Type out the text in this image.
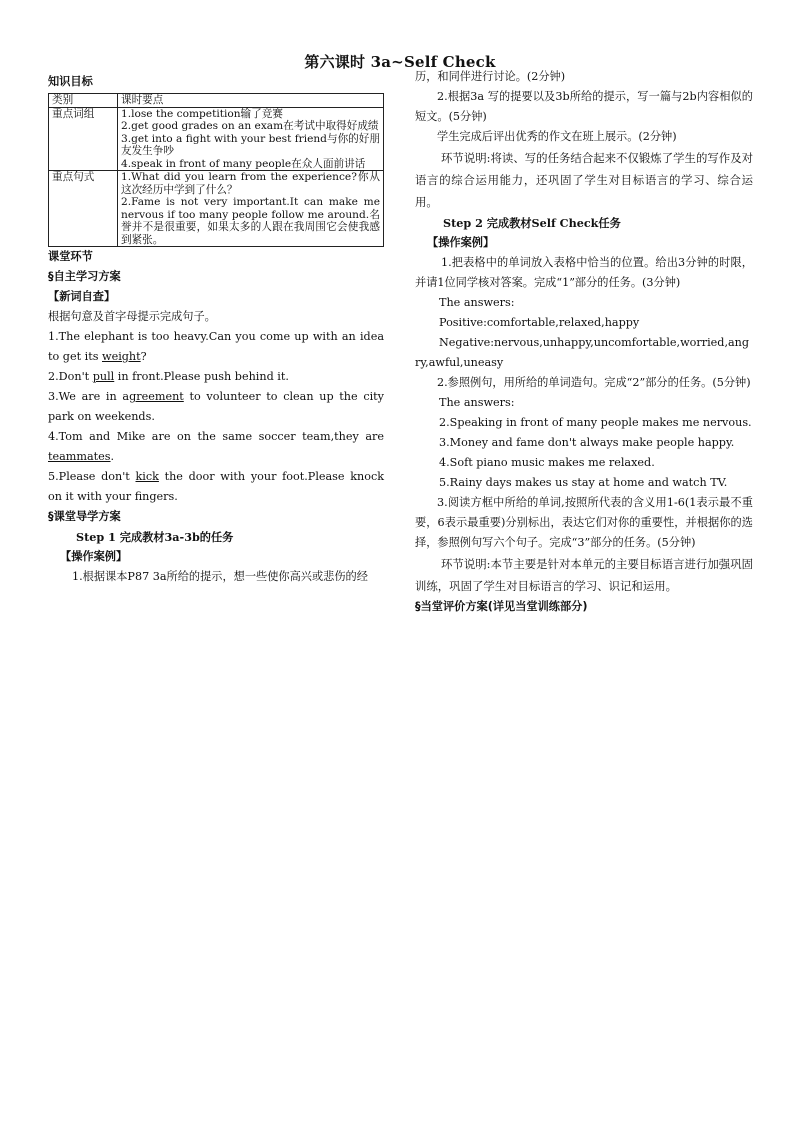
第六课时 3a~Self Check
知识目标
类别	课时要点
重点词组	1.lose the competition输了竞赛
2.get good grades on an exam在考试中取得好成绩
3.get into a fight with your best friend与你的好朋友发生争吵
4.speak in front of many people在众人面前讲话

重点句式	1.What did you learn from the experience?你从这次经历中学到了什么？
2.Fame is not very important.It can make me nervous if too many people follow me around.名誉并不是很重要，如果太多的人跟在我周围它会使我感到紧张。
课堂环节
§自主学习方案
【新词自查】

根据句意及首字母提示完成句子。

1.The elephant is too heavy.Can you come up with an idea to get its weight?

2.Don't pull in front.Please push behind it.

3.We are in agreement to volunteer to clean up the city park on weekends.

4.Tom and Mike are on the same soccer team,they are teammates.

5.Please don't kick the door with your foot.Please knock on it with your fingers.

§课堂导学方案
Step 1 完成教材3a-3b的任务
【操作案例】

1.根据课本P87 3a所给的提示，想一些使你高兴或悲伤的经

历，和同伴进行讨论。(2分钟)

2.根据3a 写的提要以及3b所给的提示，写一篇与2b内容相似的短文。(5分钟)

学生完成后评出优秀的作文在班上展示。(2分钟)

环节说明:将读、写的任务结合起来不仅锻炼了学生的写作及对语言的综合运用能力，还巩固了学生对目标语言的学习、综合运用。

Step 2 完成教材Self Check任务
【操作案例】

1.把表格中的单词放入表格中恰当的位置。给出3分钟的时限，并请1位同学核对答案。完成“1”部分的任务。(3分钟)

The answers:

Positive:comfortable,relaxed,happy

Negative:nervous,unhappy,uncomfortable,worried,angry,awful,uneasy

2.参照例句，用所给的单词造句。完成“2”部分的任务。(5分钟)

The answers:

2.Speaking in front of many people makes me nervous.

3.Money and fame don't always make people happy.

4.Soft piano music makes me relaxed.

5.Rainy days makes us stay at home and watch TV.

3.阅读方框中所给的单词,按照所代表的含义用1-6(1表示最不重要，6表示最重要)分别标出，表达它们对你的重要性，并根据你的选择，参照例句写六个句子。完成“3”部分的任务。(5分钟)

环节说明:本节主要是针对本单元的主要目标语言进行加强巩固训练，巩固了学生对目标语言的学习、识记和运用。

§当堂评价方案(详见当堂训练部分)
